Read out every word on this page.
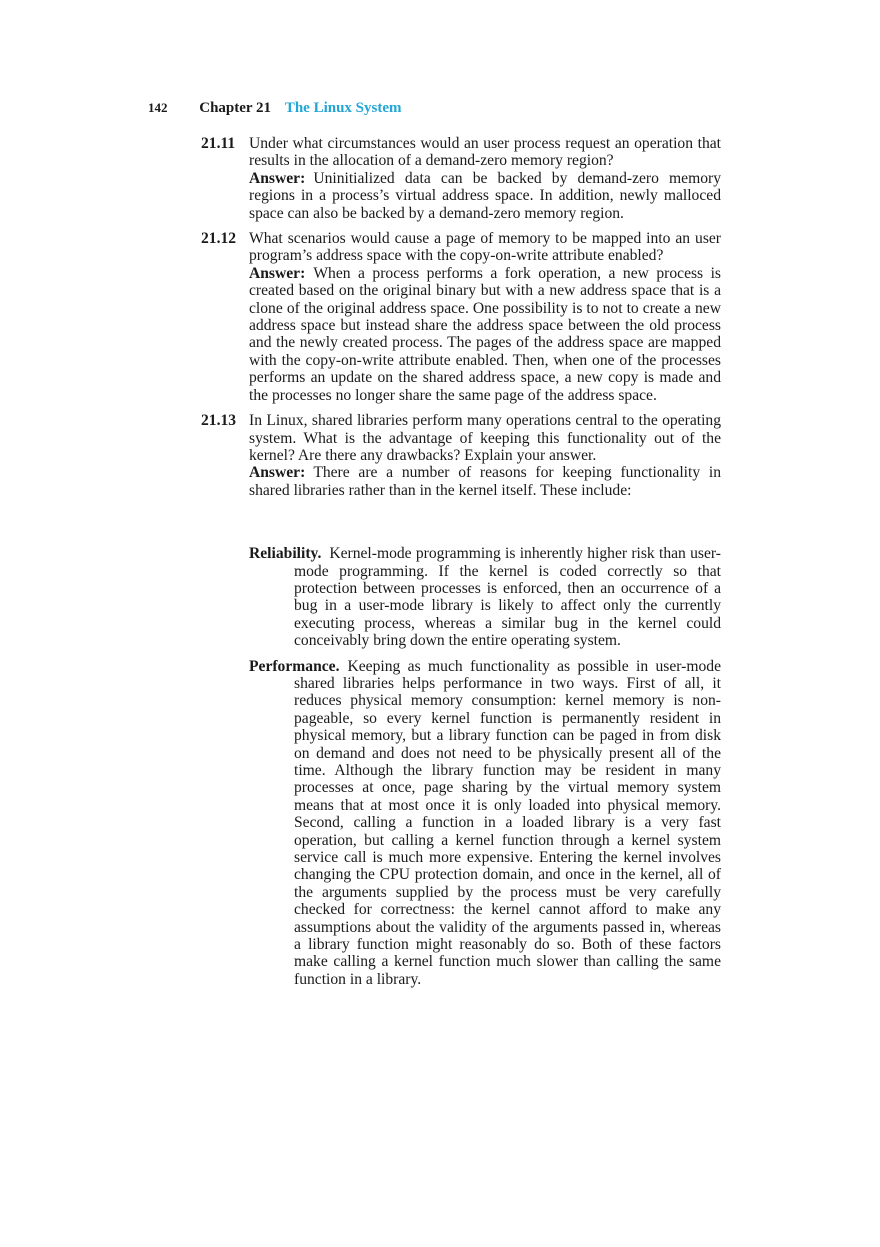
142 Chapter 21 The Linux System
21.11 Under what circumstances would an user process request an operation that results in the allocation of a demand-zero memory region?
Answer: Uninitialized data can be backed by demand-zero memory regions in a process’s virtual address space. In addition, newly malloced space can also be backed by a demand-zero memory region.
21.12 What scenarios would cause a page of memory to be mapped into an user program’s address space with the copy-on-write attribute enabled?
Answer: When a process performs a fork operation, a new process is created based on the original binary but with a new address space that is a clone of the original address space. One possibility is to not to create a new address space but instead share the address space between the old process and the newly created process. The pages of the address space are mapped with the copy-on-write attribute enabled. Then, when one of the processes performs an update on the shared address space, a new copy is made and the processes no longer share the same page of the address space.
21.13 In Linux, shared libraries perform many operations central to the operating system. What is the advantage of keeping this functionality out of the kernel? Are there any drawbacks? Explain your answer.
Answer: There are a number of reasons for keeping functionality in shared libraries rather than in the kernel itself. These include:
Reliability. Kernel-mode programming is inherently higher risk than user-mode programming. If the kernel is coded correctly so that protection between processes is enforced, then an occurrence of a bug in a user-mode library is likely to affect only the currently executing process, whereas a similar bug in the kernel could conceivably bring down the entire operating system.
Performance. Keeping as much functionality as possible in user-mode shared libraries helps performance in two ways. First of all, it reduces physical memory consumption: kernel memory is non-pageable, so every kernel function is permanently resident in physical memory, but a library function can be paged in from disk on demand and does not need to be physically present all of the time. Although the library function may be resident in many processes at once, page sharing by the virtual memory system means that at most once it is only loaded into physical memory. Second, calling a function in a loaded library is a very fast operation, but calling a kernel function through a kernel system service call is much more expensive. Entering the kernel involves changing the CPU protection domain, and once in the kernel, all of the arguments supplied by the process must be very carefully checked for correctness: the kernel cannot afford to make any assumptions about the validity of the arguments passed in, whereas a library function might reasonably do so. Both of these factors make calling a kernel function much slower than calling the same function in a library.
